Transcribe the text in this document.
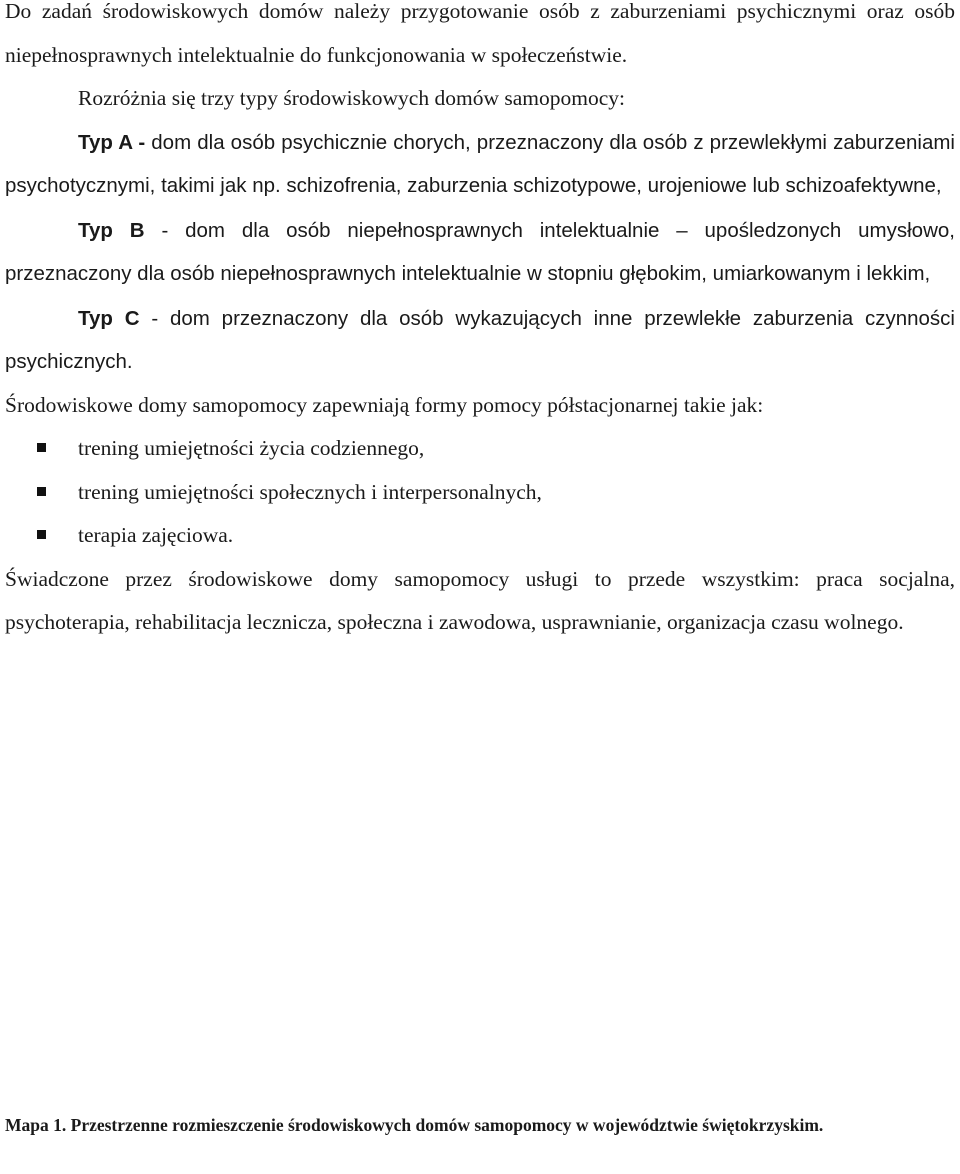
Do zadań środowiskowych domów należy przygotowanie osób z zaburzeniami psychicznymi oraz osób niepełnosprawnych intelektualnie do funkcjonowania w społeczeństwie.

Rozróżnia się trzy typy środowiskowych domów samopomocy:

Typ A - dom dla osób psychicznie chorych, przeznaczony dla osób z przewlekłymi zaburzeniami psychotycznymi, takimi jak np. schizofrenia, zaburzenia schizotypowe, urojeniowe lub schizoafektywne,

Typ B - dom dla osób niepełnosprawnych intelektualnie – upośledzonych umysłowo, przeznaczony dla osób niepełnosprawnych intelektualnie w stopniu głębokim, umiarkowanym i lekkim,

Typ C - dom przeznaczony dla osób wykazujących inne przewlekłe zaburzenia czynności psychicznych.

Środowiskowe domy samopomocy zapewniają formy pomocy półstacjonarnej takie jak:

trening umiejętności życia codziennego,
trening umiejętności społecznych i interpersonalnych,
terapia zajęciowa.

Świadczone przez środowiskowe domy samopomocy usługi to przede wszystkim: praca socjalna, psychoterapia, rehabilitacja lecznicza, społeczna i zawodowa, usprawnianie, organizacja czasu wolnego.

Mapa 1. Przestrzenne rozmieszczenie środowiskowych domów samopomocy w województwie świętokrzyskim.
